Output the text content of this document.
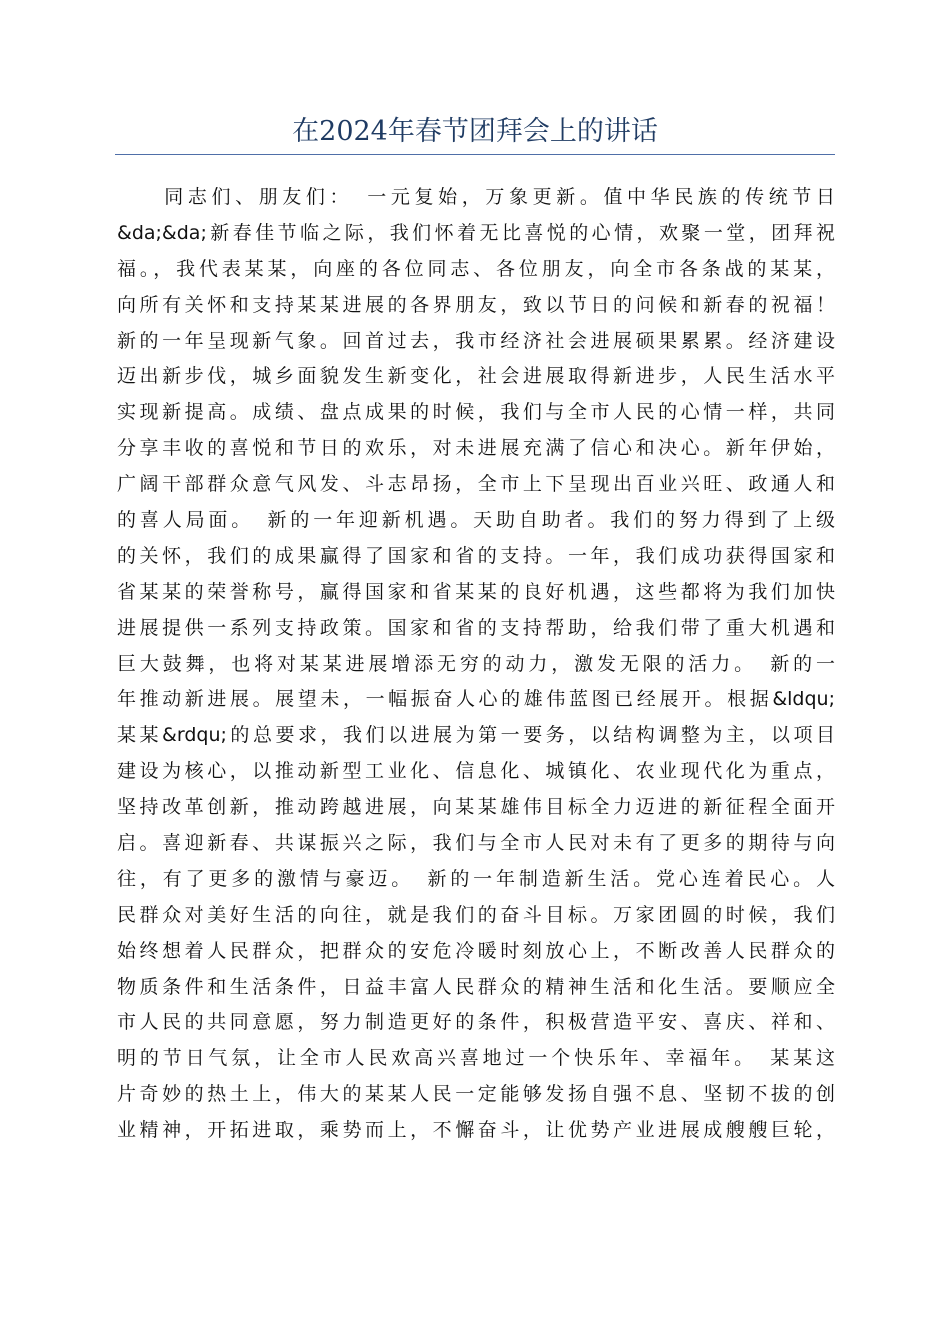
在2024年春节团拜会上的讲话
　　同志们、朋友们：　一元复始，万象更新。值中华民族的传统节日
&da;&da;新春佳节临之际，我们怀着无比喜悦的心情，欢聚一堂，团拜祝
福。，我代表某某，向座的各位同志、各位朋友，向全市各条战的某某，
向所有关怀和支持某某进展的各界朋友，致以节日的问候和新春的祝福！
新的一年呈现新气象。回首过去，我市经济社会进展硕果累累。经济建设
迈出新步伐，城乡面貌发生新变化，社会进展取得新进步，人民生活水平
实现新提高。成绩、盘点成果的时候，我们与全市人民的心情一样，共同
分享丰收的喜悦和节日的欢乐，对未进展充满了信心和决心。新年伊始，
广阔干部群众意气风发、斗志昂扬，全市上下呈现出百业兴旺、政通人和
的喜人局面。　新的一年迎新机遇。天助自助者。我们的努力得到了上级
的关怀，我们的成果赢得了国家和省的支持。一年，我们成功获得国家和
省某某的荣誉称号，赢得国家和省某某的良好机遇，这些都将为我们加快
进展提供一系列支持政策。国家和省的支持帮助，给我们带了重大机遇和
巨大鼓舞，也将对某某进展增添无穷的动力，激发无限的活力。　新的一
年推动新进展。展望未，一幅振奋人心的雄伟蓝图已经展开。根据&ldqu;
某某&rdqu;的总要求，我们以进展为第一要务，以结构调整为主，以项目
建设为核心，以推动新型工业化、信息化、城镇化、农业现代化为重点，
坚持改革创新，推动跨越进展，向某某雄伟目标全力迈进的新征程全面开
启。喜迎新春、共谋振兴之际，我们与全市人民对未有了更多的期待与向
往，有了更多的激情与豪迈。　新的一年制造新生活。党心连着民心。人
民群众对美好生活的向往，就是我们的奋斗目标。万家团圆的时候，我们
始终想着人民群众，把群众的安危冷暖时刻放心上，不断改善人民群众的
物质条件和生活条件，日益丰富人民群众的精神生活和化生活。要顺应全
市人民的共同意愿，努力制造更好的条件，积极营造平安、喜庆、祥和、
明的节日气氛，让全市人民欢高兴喜地过一个快乐年、幸福年。　某某这
片奇妙的热土上，伟大的某某人民一定能够发扬自强不息、坚韧不拔的创
业精神，开拓进取，乘势而上，不懈奋斗，让优势产业进展成艘艘巨轮，
